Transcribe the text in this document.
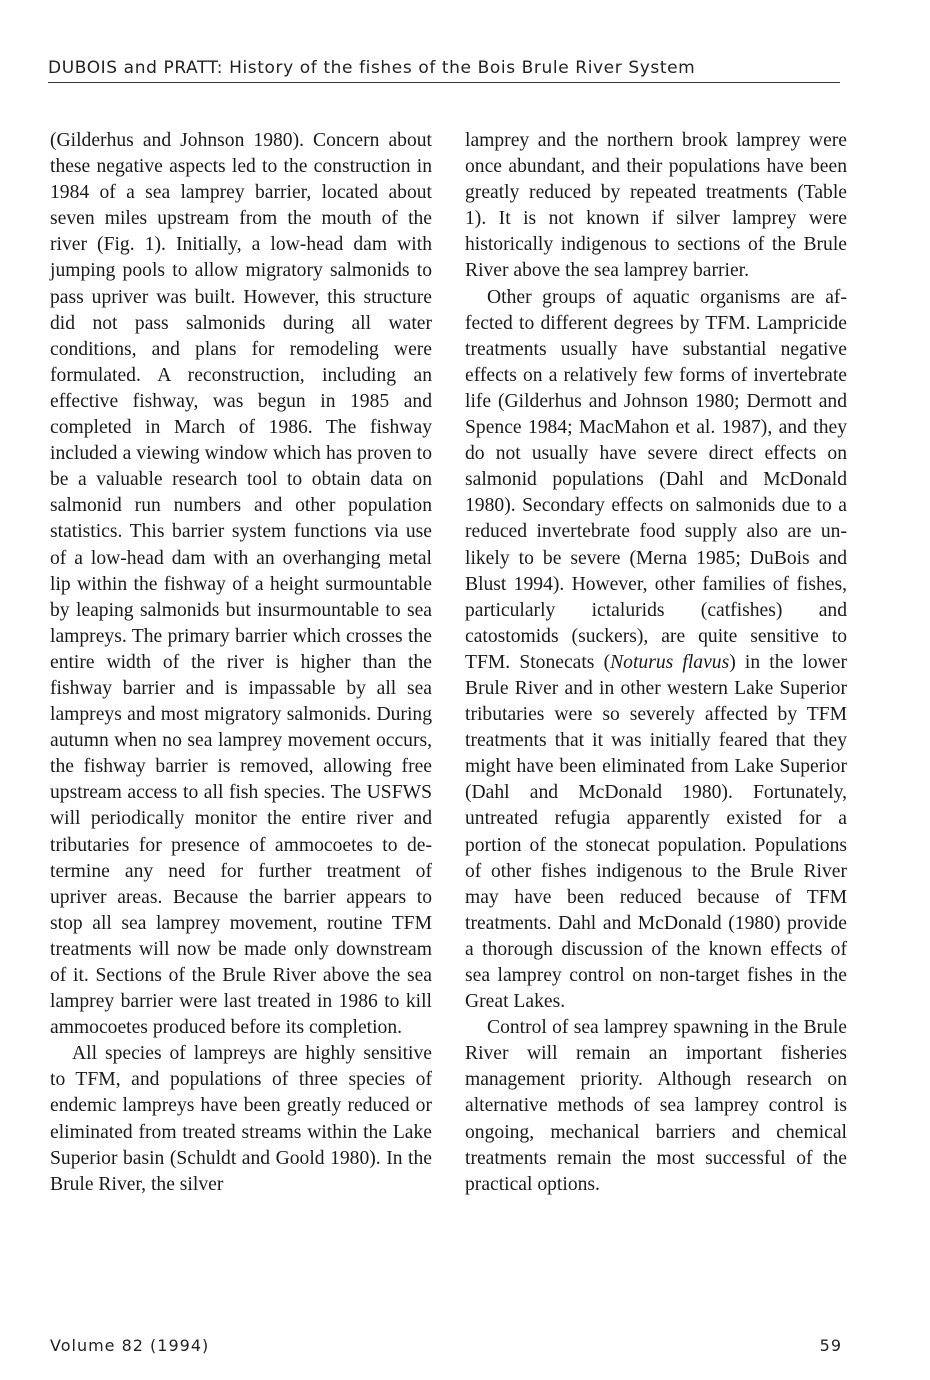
DUBOIS and PRATT: History of the fishes of the Bois Brule River System

(Gilderhus and Johnson 1980). Concern about these negative aspects led to the construction in 1984 of a sea lamprey barrier, located about seven miles upstream from the mouth of the river (Fig. 1). Initially, a low-head dam with jumping pools to allow migratory salmonids to pass upriver was built. However, this structure did not pass salmonids during all water conditions, and plans for remodeling were formulated. A reconstruction, including an effective fishway, was begun in 1985 and completed in March of 1986. The fishway included a viewing window which has proven to be a valuable research tool to obtain data on salmonid run numbers and other population statistics. This barrier system functions via use of a low-head dam with an overhanging metal lip within the fishway of a height surmountable by leaping salmonids but insurmountable to sea lampreys. The primary barrier which crosses the entire width of the river is higher than the fishway barrier and is impassable by all sea lampreys and most migratory salmonids. During autumn when no sea lamprey movement occurs, the fishway barrier is removed, allowing free upstream access to all fish species. The USFWS will periodically monitor the entire river and tributaries for presence of ammocoetes to determine any need for further treatment of upriver areas. Because the barrier appears to stop all sea lamprey movement, routine TFM treatments will now be made only downstream of it. Sections of the Brule River above the sea lamprey barrier were last treated in 1986 to kill ammocoetes produced before its completion.

All species of lampreys are highly sensitive to TFM, and populations of three species of endemic lampreys have been greatly reduced or eliminated from treated streams within the Lake Superior basin (Schuldt and Goold 1980). In the Brule River, the silver

lamprey and the northern brook lamprey were once abundant, and their populations have been greatly reduced by repeated treatments (Table 1). It is not known if silver lamprey were historically indigenous to sections of the Brule River above the sea lamprey barrier.

Other groups of aquatic organisms are affected to different degrees by TFM. Lampricide treatments usually have substantial negative effects on a relatively few forms of invertebrate life (Gilderhus and Johnson 1980; Dermott and Spence 1984; MacMahon et al. 1987), and they do not usually have severe direct effects on salmonid populations (Dahl and McDonald 1980). Secondary effects on salmonids due to a reduced invertebrate food supply also are unlikely to be severe (Merna 1985; DuBois and Blust 1994). However, other families of fishes, particularly ictalurids (catfishes) and catostomids (suckers), are quite sensitive to TFM. Stonecats (Noturus flavus) in the lower Brule River and in other western Lake Superior tributaries were so severely affected by TFM treatments that it was initially feared that they might have been eliminated from Lake Superior (Dahl and McDonald 1980). Fortunately, untreated refugia apparently existed for a portion of the stonecat population. Populations of other fishes indigenous to the Brule River may have been reduced because of TFM treatments. Dahl and McDonald (1980) provide a thorough discussion of the known effects of sea lamprey control on non-target fishes in the Great Lakes.

Control of sea lamprey spawning in the Brule River will remain an important fisheries management priority. Although research on alternative methods of sea lamprey control is ongoing, mechanical barriers and chemical treatments remain the most successful of the practical options.

Volume 82 (1994)	59
